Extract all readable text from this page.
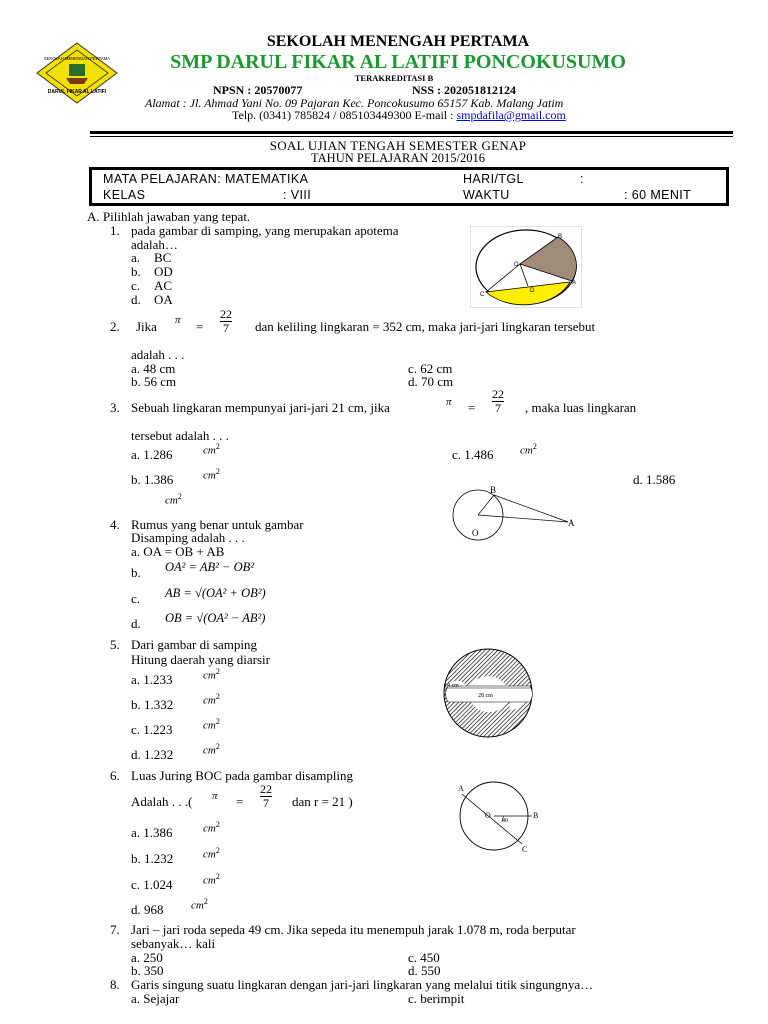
SEKOLAH MENENGAH PERTAMA
DARUL FIKAR AL LATIFI
SEKOLAH MENENGAH PERTAMA
SMP DARUL FIKAR AL LATIFI PONCOKUSUMO
TERAKREDITASI B
NPSN : 20570077	NSS : 202051812124
Alamat : Jl. Ahmad Yani No. 09 Pajaran Kec. Poncokusumo 65157 Kab. Malang Jatim
Telp. (0341) 785824 / 085103449300 E-mail : smpdafila@gmail.com
SOAL UJIAN TENGAH SEMESTER GENAP
TAHUN PELAJARAN 2015/2016
MATA PELAJARAN: MATEMATIKA	HARI/TGL	:
KELAS	: VIII	WAKTU	: 60 MENIT
A. Pilihlah jawaban yang tepat.
1. pada gambar di samping, yang merupakan apotema
adalah…
a. BC
b. OD
c. AC
d. OA
B
O
C
D
A
2. Jika $\pi = \frac{22}{7}$ dan keliling lingkaran = 352 cm, maka jari-jari lingkaran tersebut
adalah . . .
a. 48 cm
b. 56 cm
c. 62 cm
d. 70 cm
3. Sebuah lingkaran mempunyai jari-jari 21 cm, jika	$\pi = \frac{22}{7}$ , maka luas lingkaran
tersebut adalah . . .
a. 1.286	$cm^2$
c. 1.486 $cm^2$
b. 1.386	$cm^2$
d. 1.586
$cm^2$
4. Rumus yang benar untuk gambar
Disamping adalah . . .
a. OA = OB + AB
b. OA² = AB² − OB²
c. AB = √(OA² + OB²)
d. OB = √(OA² − AB²)
B
O
A
5. Dari gambar di samping
Hitung daerah yang diarsir
a. 1.233	$cm^2$
b. 1.332	$cm^2$
c. 1.223	$cm^2$
d. 1.232	$cm^2$
14 cm
28 cm
6. Luas Juring BOC pada gambar disampling
Adalah . . .( $\pi = \frac{22}{7}$ dan r = 21 )
a. 1.386	$cm^2$
b. 1.232	$cm^2$
c. 1.024	$cm^2$
d. 968	$cm^2$
A
O	B
C
40
7. Jari – jari roda sepeda 49 cm. Jika sepeda itu menempuh jarak 1.078 m, roda berputar
sebanyak… kali
a. 250
b. 350
c. 450
d. 550
8. Garis singung suatu lingkaran dengan jari-jari lingkaran yang melalui titik singungnya…
a. Sejajar	c. berimpit
